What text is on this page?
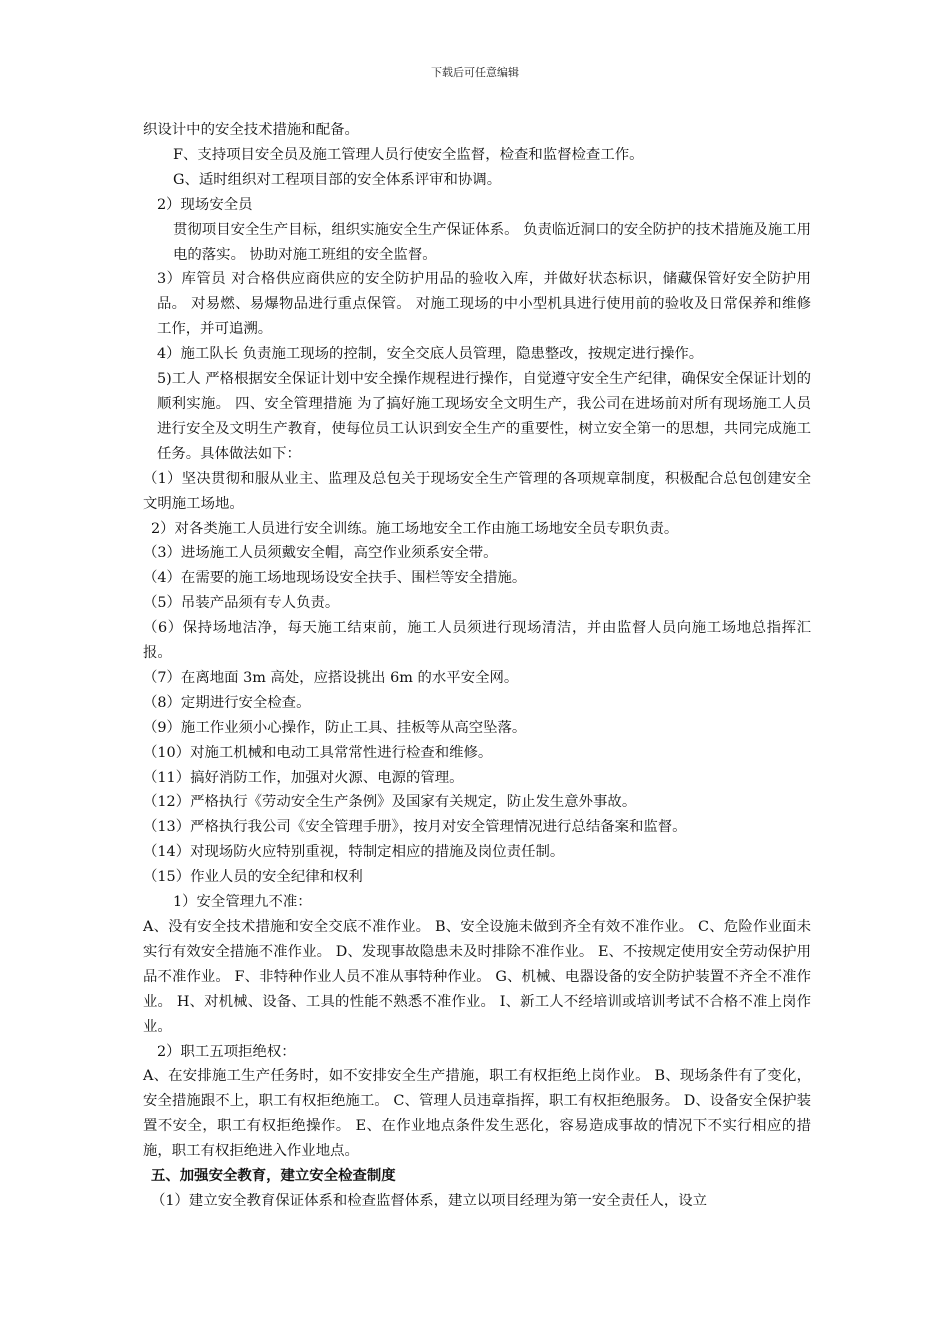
下载后可任意编辑

织设计中的安全技术措施和配备。

F、支持项目安全员及施工管理人员行使安全监督，检查和监督检查工作。

G、适时组织对工程项目部的安全体系评审和协调。

2）现场安全员

贯彻项目安全生产目标，组织实施安全生产保证体系。 负责临近洞口的安全防护的技术措施及施工用电的落实。 协助对施工班组的安全监督。

3）库管员 对合格供应商供应的安全防护用品的验收入库，并做好状态标识，储藏保管好安全防护用品。 对易燃、易爆物品进行重点保管。 对施工现场的中小型机具进行使用前的验收及日常保养和维修工作，并可追溯。

4）施工队长 负责施工现场的控制，安全交底人员管理，隐患整改，按规定进行操作。

5)工人 严格根据安全保证计划中安全操作规程进行操作，自觉遵守安全生产纪律，确保安全保证计划的顺利实施。 四、安全管理措施 为了搞好施工现场安全文明生产，我公司在进场前对所有现场施工人员进行安全及文明生产教育，使每位员工认识到安全生产的重要性，树立安全第一的思想，共同完成施工任务。具体做法如下：

（1）坚决贯彻和服从业主、监理及总包关于现场安全生产管理的各项规章制度，积极配合总包创建安全文明施工场地。

2）对各类施工人员进行安全训练。施工场地安全工作由施工场地安全员专职负责。

（3）进场施工人员须戴安全帽，高空作业须系安全带。

（4）在需要的施工场地现场设安全扶手、围栏等安全措施。

（5）吊装产品须有专人负责。

（6）保持场地洁净，每天施工结束前，施工人员须进行现场清洁，并由监督人员向施工场地总指挥汇报。

（7）在离地面 3m 高处，应搭设挑出 6m 的水平安全网。

（8）定期进行安全检查。

（9）施工作业须小心操作，防止工具、挂板等从高空坠落。

（10）对施工机械和电动工具常常性进行检查和维修。

（11）搞好消防工作，加强对火源、电源的管理。

（12）严格执行《劳动安全生产条例》及国家有关规定，防止发生意外事故。

（13）严格执行我公司《安全管理手册》，按月对安全管理情况进行总结备案和监督。

（14）对现场防火应特别重视，特制定相应的措施及岗位责任制。

（15）作业人员的安全纪律和权利

1）安全管理九不准：

A、没有安全技术措施和安全交底不准作业。 B、安全设施未做到齐全有效不准作业。 C、危险作业面未实行有效安全措施不准作业。 D、发现事故隐患未及时排除不准作业。 E、不按规定使用安全劳动保护用品不准作业。 F、非特种作业人员不准从事特种作业。 G、机械、电器设备的安全防护装置不齐全不准作业。 H、对机械、设备、工具的性能不熟悉不准作业。 I、新工人不经培训或培训考试不合格不准上岗作业。

2）职工五项拒绝权：

A、在安排施工生产任务时，如不安排安全生产措施，职工有权拒绝上岗作业。 B、现场条件有了变化，安全措施跟不上，职工有权拒绝施工。 C、管理人员违章指挥，职工有权拒绝服务。 D、设备安全保护装置不安全，职工有权拒绝操作。 E、在作业地点条件发生恶化，容易造成事故的情况下不实行相应的措施，职工有权拒绝进入作业地点。

五、加强安全教育，建立安全检查制度

（1）建立安全教育保证体系和检查监督体系，建立以项目经理为第一安全责任人，设立
